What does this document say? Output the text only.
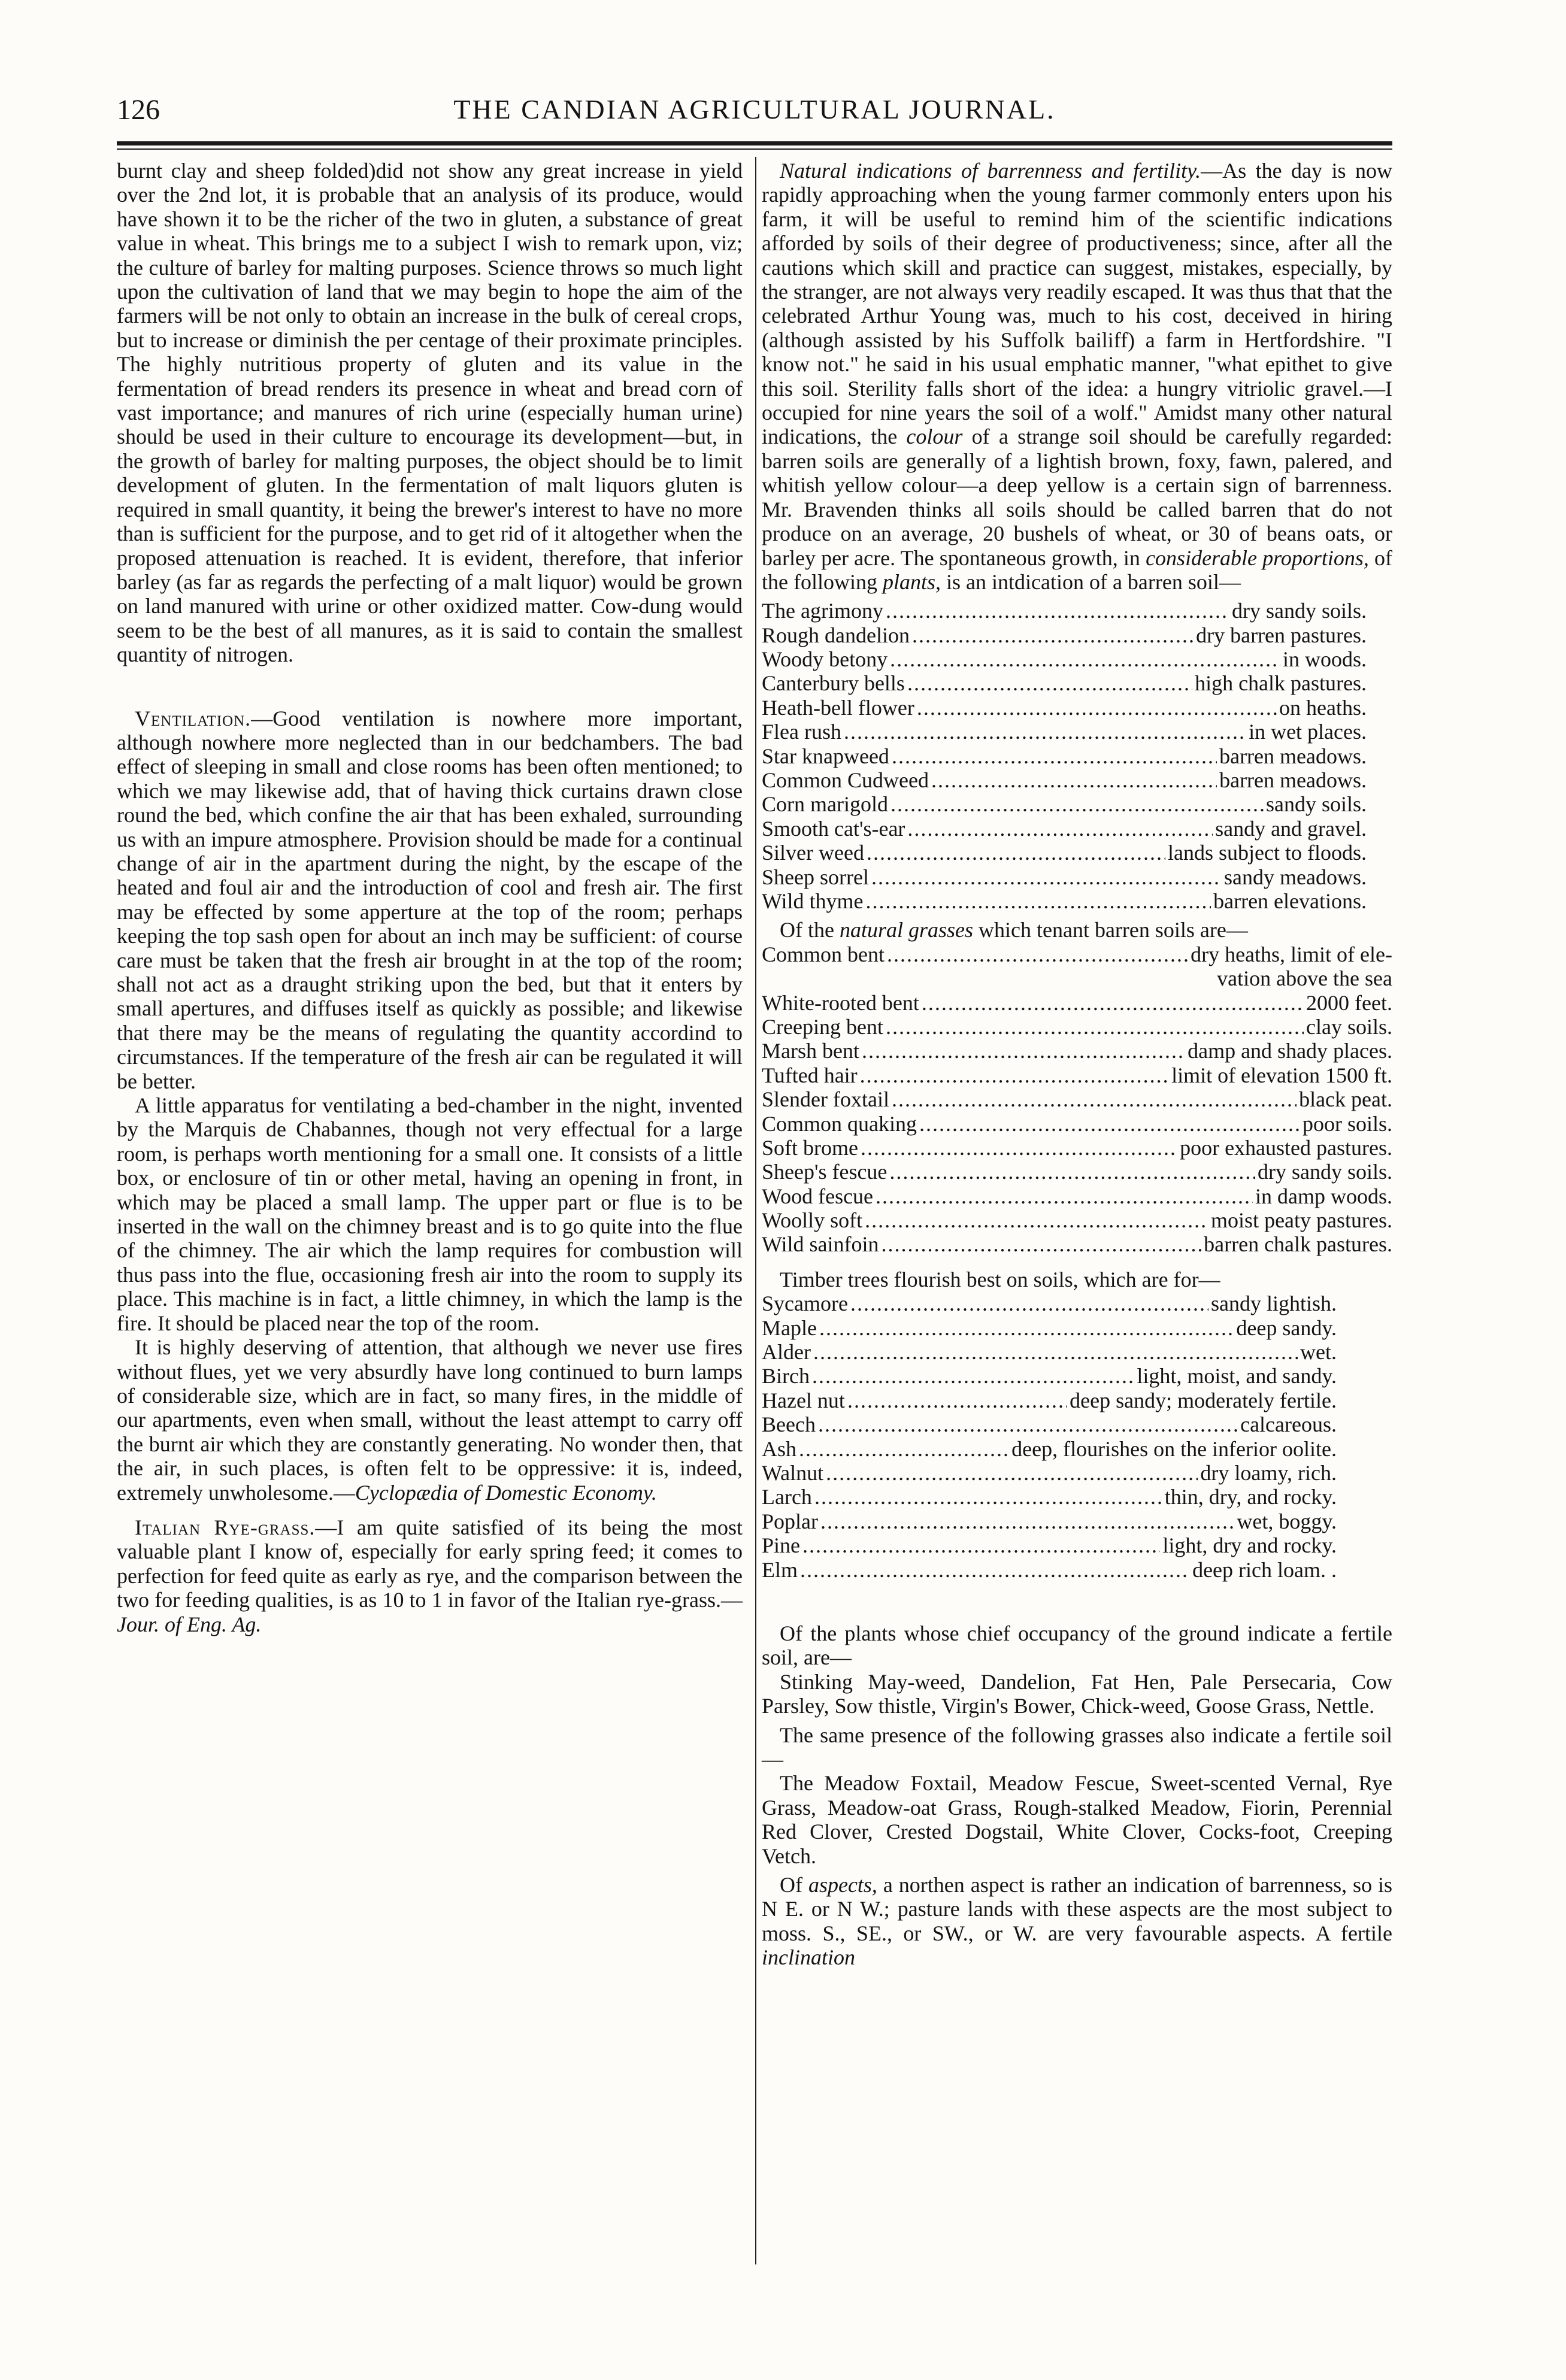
126	THE CANDIAN AGRICULTURAL JOURNAL.

burnt clay and sheep folded)did not show any great increase in yield over the 2nd lot, it is probable that an analysis of its produce, would have shown it to be the richer of the two in gluten, a substance of great value in wheat. This brings me to a subject I wish to remark upon, viz; the culture of barley for malting purposes. Science throws so much light upon the cultivation of land that we may begin to hope the aim of the farmers will be not only to obtain an increase in the bulk of cereal crops, but to increase or diminish the per centage of their proximate principles. The highly nutritious property of gluten and its value in the fermentation of bread renders its presence in wheat and bread corn of vast importance; and manures of rich urine (especially human urine) should be used in their culture to encourage its development—but, in the growth of barley for malting purposes, the object should be to limit development of gluten. In the fermentation of malt liquors gluten is required in small quantity, it being the brewer's interest to have no more than is sufficient for the purpose, and to get rid of it altogether when the proposed attenuation is reached. It is evident, therefore, that inferior barley (as far as regards the perfecting of a malt liquor) would be grown on land manured with urine or other oxidized matter. Cow-dung would seem to be the best of all manures, as it is said to contain the smallest quantity of nitrogen.

Ventilation.—Good ventilation is nowhere more important, although nowhere more neglected than in our bedchambers. The bad effect of sleeping in small and close rooms has been often mentioned; to which we may likewise add, that of having thick curtains drawn close round the bed, which confine the air that has been exhaled, surrounding us with an impure atmosphere. Provision should be made for a continual change of air in the apartment during the night, by the escape of the heated and foul air and the introduction of cool and fresh air. The first may be effected by some apperture at the top of the room; perhaps keeping the top sash open for about an inch may be sufficient: of course care must be taken that the fresh air brought in at the top of the room; shall not act as a draught striking upon the bed, but that it enters by small apertures, and diffuses itself as quickly as possible; and likewise that there may be the means of regulating the quantity accordind to circumstances. If the temperature of the fresh air can be regulated it will be better.

A little apparatus for ventilating a bed-chamber in the night, invented by the Marquis de Chabannes, though not very effectual for a large room, is perhaps worth mentioning for a small one. It consists of a little box, or enclosure of tin or other metal, having an opening in front, in which may be placed a small lamp. The upper part or flue is to be inserted in the wall on the chimney breast and is to go quite into the flue of the chimney. The air which the lamp requires for combustion will thus pass into the flue, occasioning fresh air into the room to supply its place. This machine is in fact, a little chimney, in which the lamp is the fire. It should be placed near the top of the room.

It is highly deserving of attention, that although we never use fires without flues, yet we very absurdly have long continued to burn lamps of considerable size, which are in fact, so many fires, in the middle of our apartments, even when small, without the least attempt to carry off the burnt air which they are constantly generating. No wonder then, that the air, in such places, is often felt to be oppressive: it is, indeed, extremely unwholesome.—Cyclopædia of Domestic Economy.

Italian Rye-grass.—I am quite satisfied of its being the most valuable plant I know of, especially for early spring feed; it comes to perfection for feed quite as early as rye, and the comparison between the two for feeding qualities, is as 10 to 1 in favor of the Italian rye-grass.—Jour. of Eng. Ag.

Natural indications of barrenness and fertility.—As the day is now rapidly approaching when the young farmer commonly enters upon his farm, it will be useful to remind him of the scientific indications afforded by soils of their degree of productiveness; since, after all the cautions which skill and practice can suggest, mistakes, especially, by the stranger, are not always very readily escaped. It was thus that that the celebrated Arthur Young was, much to his cost, deceived in hiring (although assisted by his Suffolk bailiff) a farm in Hertfordshire. "I know not." he said in his usual emphatic manner, "what epithet to give this soil. Sterility falls short of the idea: a hungry vitriolic gravel.—I occupied for nine years the soil of a wolf." Amidst many other natural indications, the colour of a strange soil should be carefully regarded: barren soils are generally of a lightish brown, foxy, fawn, palered, and whitish yellow colour—a deep yellow is a certain sign of barrenness. Mr. Bravenden thinks all soils should be called barren that do not produce on an average, 20 bushels of wheat, or 30 of beans oats, or barley per acre. The spontaneous growth, in considerable proportions, of the following plants, is an intdication of a barren soil—

The agrimony .....	dry sandy soils.
Rough dandelion .....	dry barren pastures.
Woody betony .....	in woods.
Canterbury bells .....	high chalk pastures.
Heath-bell flower .....	on heaths.
Flea rush .....	in wet places.
Star knapweed .....	barren meadows.
Common Cudweed .....	barren meadows.
Corn marigold .....	sandy soils.
Smooth cat's-ear .....	sandy and gravel.
Silver weed .....	lands subject to floods.
Sheep sorrel .....	sandy meadows.
Wild thyme .....	barren elevations.

Of the natural grasses which tenant barren soils are—

Common bent .....	dry heaths, limit of ele-
vation above the sea
White-rooted bent .....	2000 feet.
Creeping bent .....	clay soils.
Marsh bent .....	damp and shady places.
Tufted hair .....	limit of elevation 1500 ft.
Slender foxtail .....	black peat.
Common quaking .....	poor soils.
Soft brome .....	poor exhausted pastures.
Sheep's fescue .....	dry sandy soils.
Wood fescue .....	in damp woods.
Woolly soft .....	moist peaty pastures.
Wild sainfoin .....	barren chalk pastures.

Timber trees flourish best on soils, which are for—

Sycamore .....	sandy lightish.
Maple .....	deep sandy.
Alder .....	wet.
Birch .....	light, moist, and sandy.
Hazel nut .....	deep sandy; moderately fertile.
Beech .....	calcareous.
Ash .....	deep, flourishes on the inferior oolite.
Walnut .....	dry loamy, rich.
Larch .....	thin, dry, and rocky.
Poplar .....	wet, boggy.
Pine .....	light, dry and rocky.
Elm .....	deep rich loam. .

Of the plants whose chief occupancy of the ground indicate a fertile soil, are—

Stinking May-weed, Dandelion, Fat Hen, Pale Persecaria, Cow Parsley, Sow thistle, Virgin's Bower, Chick-weed, Goose Grass, Nettle.

The same presence of the following grasses also indicate a fertile soil—

The Meadow Foxtail, Meadow Fescue, Sweet-scented Vernal, Rye Grass, Meadow-oat Grass, Rough-stalked Meadow, Fiorin, Perennial Red Clover, Crested Dogstail, White Clover, Cocks-foot, Creeping Vetch.

Of aspects, a northen aspect is rather an indication of barrenness, so is N E. or N W.; pasture lands with these aspects are the most subject to moss. S., SE., or SW., or W. are very favourable aspects. A fertile inclination
